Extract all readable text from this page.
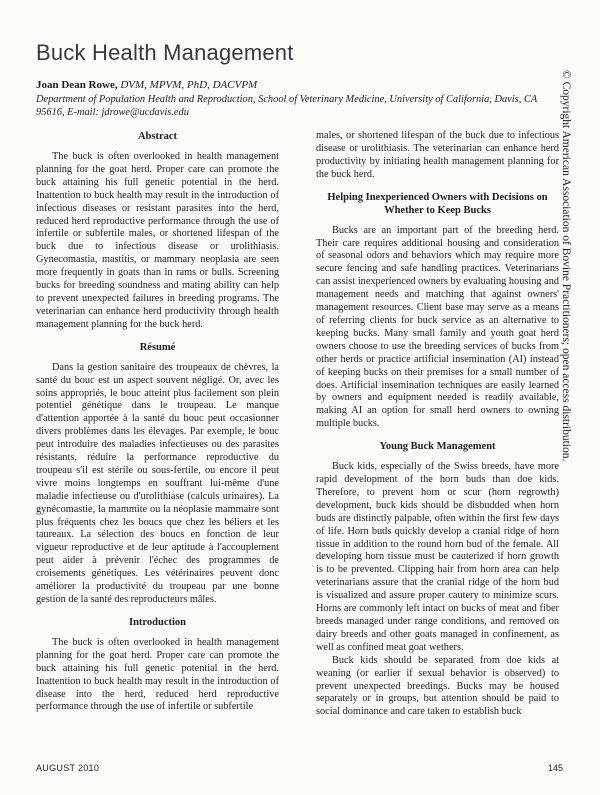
Buck Health Management
Joan Dean Rowe, DVM, MPVM, PhD, DACVPM
Department of Population Health and Reproduction, School of Veterinary Medicine, University of California, Davis, CA 95616, E-mail: jdrowe@ucdavis.edu
Abstract

The buck is often overlooked in health management planning for the goat herd. Proper care can promote the buck attaining his full genetic potential in the herd. Inattention to buck health may result in the introduction of infectious diseases or resistant parasites into the herd, reduced herd reproductive performance through the use of infertile or subfertile males, or shortened lifespan of the buck due to infectious disease or urolithiasis. Gynecomastia, mastitis, or mammary neoplasia are seen more frequently in goats than in rams or bulls. Screening bucks for breeding soundness and mating ability can help to prevent unexpected failures in breeding programs. The veterinarian can enhance herd productivity through health management planning for the buck herd.

Résumé

Dans la gestion sanitaire des troupeaux de chèvres, la santé du bouc est un aspect souvent négligé. Or, avec les soins appropriés, le bouc atteint plus facilement son plein potentiel génétique dans le troupeau. Le manque d'attention apportée à la santé du bouc peut occasionner divers problèmes dans les élevages. Par exemple, le bouc peut introduire des maladies infectieuses ou des parasites résistants, réduire la performance reproductive du troupeau s'il est stérile ou sous-fertile, ou encore il peut vivre moins longtemps en souffrant lui-même d'une maladie infectieuse ou d'urolithiase (calculs urinaires). La gynécomastie, la mammite ou la néoplasie mammaire sont plus fréquents chez les boucs que chez les béliers et les taureaux. La sélection des boucs en fonction de leur vigueur reproductive et de leur aptitude à l'accouplement peut aider à prévenir l'échec des programmes de croisements génétiques. Les vétérinaires peuvent donc améliorer la productivité du troupeau par une bonne gestion de la santé des reproducteurs mâles.

Introduction

The buck is often overlooked in health management planning for the goat herd. Proper care can promote the buck attaining his full genetic potential in the herd. Inattention to buck health may result in the introduction of disease into the herd, reduced herd reproductive performance through the use of infertile or subfertile

males, or shortened lifespan of the buck due to infectious disease or urolithiasis. The veterinarian can enhance herd productivity by initiating health management planning for the buck herd.

Helping Inexperienced Owners with Decisions on Whether to Keep Bucks

Bucks are an important part of the breeding herd. Their care requires additional housing and consideration of seasonal odors and behaviors which may require more secure fencing and safe handling practices. Veterinarians can assist inexperienced owners by evaluating housing and management needs and matching that against owners' management resources. Client base may serve as a means of referring clients for buck service as an alternative to keeping bucks. Many small family and youth goat herd owners choose to use the breeding services of bucks from other herds or practice artificial insemination (AI) instead of keeping bucks on their premises for a small number of does. Artificial insemination techniques are easily learned by owners and equipment needed is readily available, making AI an option for small herd owners to owning multiple bucks.

Young Buck Management

Buck kids, especially of the Swiss breeds, have more rapid development of the horn buds than doe kids. Therefore, to prevent horn or scur (horn regrowth) development, buck kids should be disbudded when horn buds are distinctly palpable, often within the first few days of life. Horn buds quickly develop a cranial ridge of horn tissue in addition to the round horn bud of the female. All developing horn tissue must be cauterized if horn growth is to be prevented. Clipping hair from horn area can help veterinarians assure that the cranial ridge of the horn bud is visualized and assure proper cautery to minimize scurs. Horns are commonly left intact on bucks of meat and fiber breeds managed under range conditions, and removed on dairy breeds and other goats managed in confinement, as well as confined meat goat wethers.

Buck kids should be separated from doe kids at weaning (or earlier if sexual behavior is observed) to prevent unexpected breedings. Bucks may be housed separately or in groups, but attention should be paid to social dominance and care taken to establish buck

AUGUST 2010	145
© Copyright American Association of Bovine Practitioners; open access distribution.
